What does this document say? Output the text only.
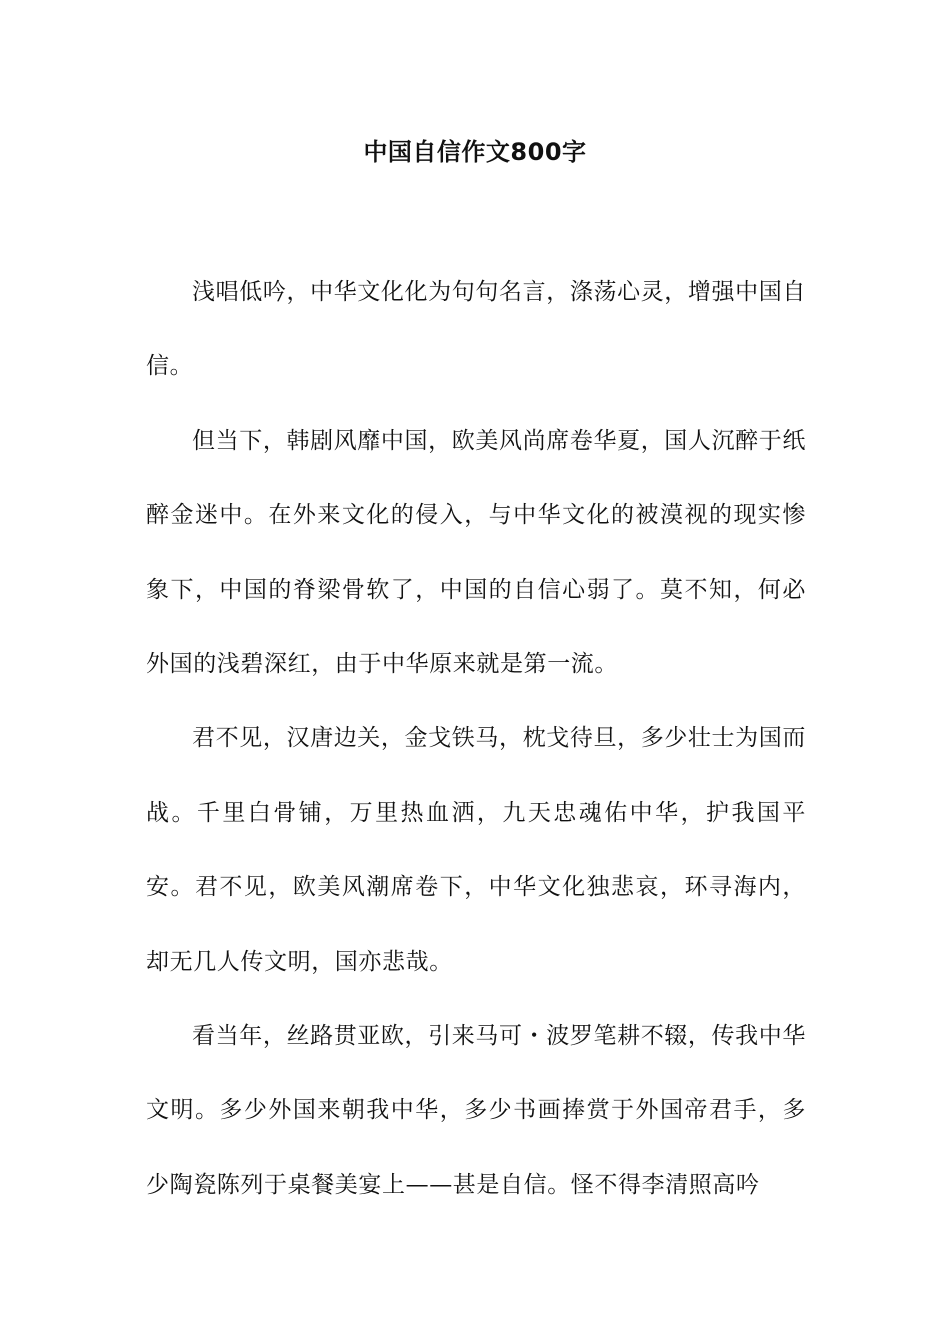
中国自信作文800字

浅唱低吟，中华文化化为句句名言，涤荡心灵，增强中国自信。

但当下，韩剧风靡中国，欧美风尚席卷华夏，国人沉醉于纸醉金迷中。在外来文化的侵入，与中华文化的被漠视的现实惨象下，中国的脊梁骨软了，中国的自信心弱了。莫不知，何必外国的浅碧深红，由于中华原来就是第一流。

君不见，汉唐边关，金戈铁马，枕戈待旦，多少壮士为国而战。千里白骨铺，万里热血洒，九天忠魂佑中华，护我国平安。君不见，欧美风潮席卷下，中华文化独悲哀，环寻海内，却无几人传文明，国亦悲哉。

看当年，丝路贯亚欧，引来马可・波罗笔耕不辍，传我中华文明。多少外国来朝我中华，多少书画捧赏于外国帝君手，多少陶瓷陈列于桌餐美宴上——甚是自信。怪不得李清照高吟
